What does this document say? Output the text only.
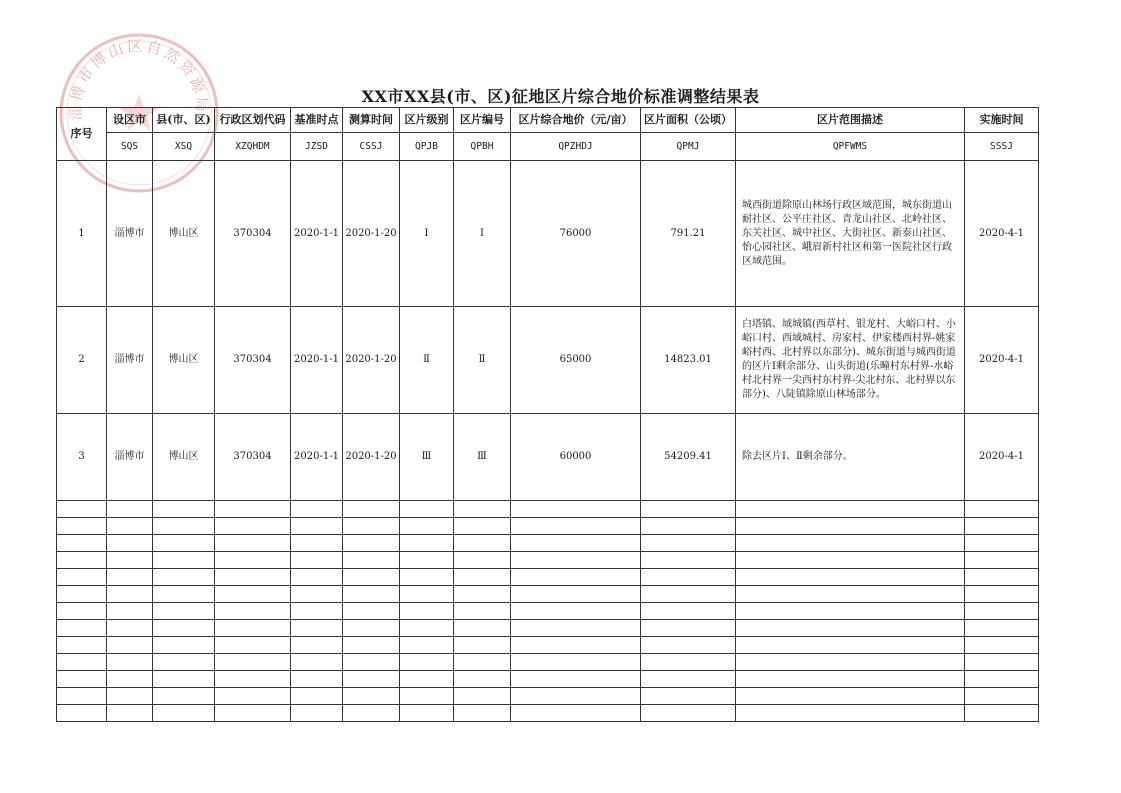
淄博市博山区自然资源局	XX市XX县(市、区)征地区片综合地价标准调整结果表
序号	设区市	县(市、区)	行政区划代码	基准时点	测算时间	区片级别	区片编号	区片综合地价（元/亩）	区片面积（公顷）	区片范围描述	实施时间
	SQS	XSQ	XZQHDM	JZSD	CSSJ	QPJB	QPBH	QPZHDJ	QPMJ	QPFWMS	SSSJ
1	淄博市	博山区	370304	2020-1-1	2020-1-20	Ⅰ	Ⅰ	76000	791.21	城西街道除原山林场行政区域范围，城东街道山耐社区、公平庄社区、青龙山社区、北岭社区、东关社区、城中社区、大街社区、新泰山社区、怡心园社区、峨眉新村社区和第一医院社区行政区域范围。	2020-4-1
2	淄博市	博山区	370304	2020-1-1	2020-1-20	Ⅱ	Ⅱ	65000	14823.01	白塔镇、域城镇(西草村、银龙村、大峪口村、小峪口村、西域城村、房家村、伊家楼西村界-姚家峪村西、北村界以东部分)、城东街道与城西街道的区片Ⅰ剩余部分、山头街道(乐疃村东村界-水峪村北村界一尖西村东村界-尖北村东、北村界以东部分)、八陡镇除原山林场部分。	2020-4-1
3	淄博市	博山区	370304	2020-1-1	2020-1-20	Ⅲ	Ⅲ	60000	54209.41	除去区片Ⅰ、Ⅱ剩余部分。	2020-4-1
